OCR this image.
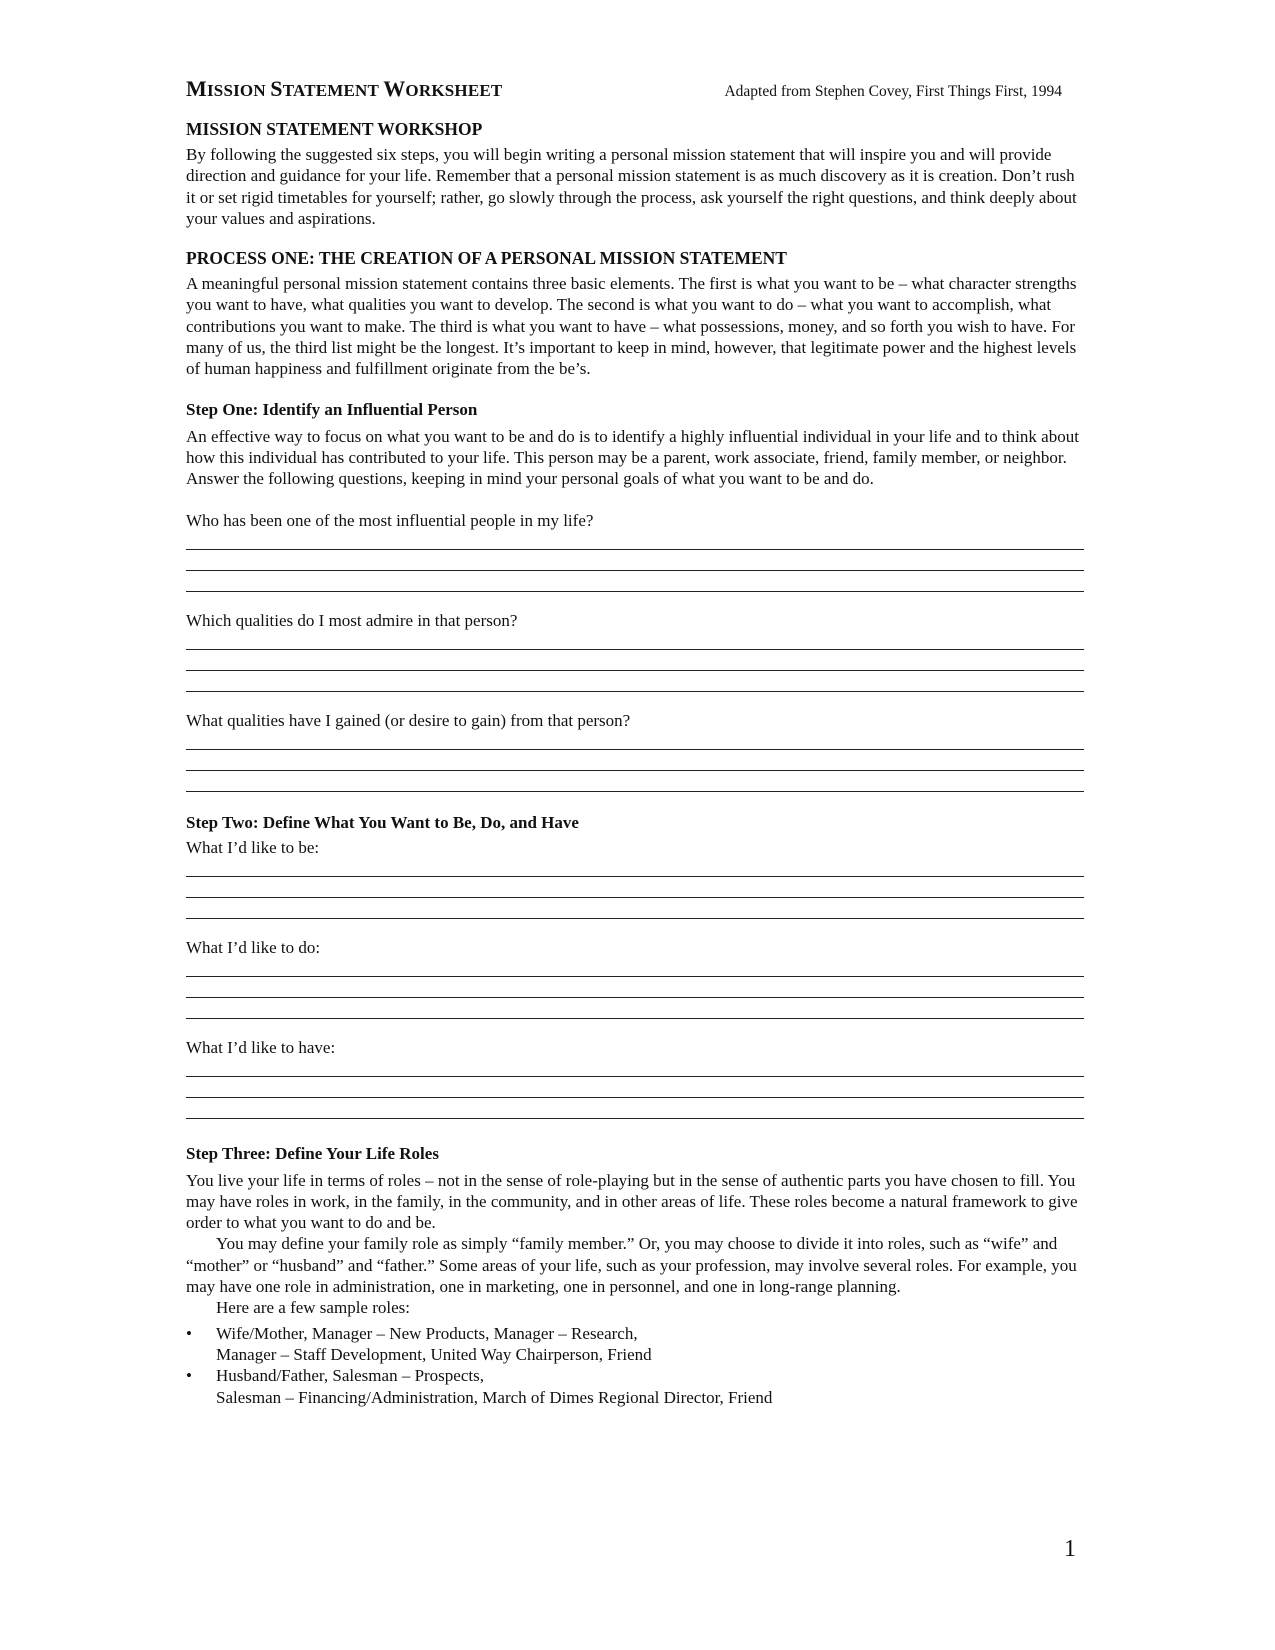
MISSION STATEMENT WORKSHEET	Adapted from Stephen Covey, First Things First, 1994
MISSION STATEMENT WORKSHOP

By following the suggested six steps, you will begin writing a personal mission statement that will inspire you and will provide direction and guidance for your life. Remember that a personal mission statement is as much discovery as it is creation. Don’t rush it or set rigid timetables for yourself; rather, go slowly through the process, ask yourself the right questions, and think deeply about your values and aspirations.

PROCESS ONE: THE CREATION OF A PERSONAL MISSION STATEMENT

A meaningful personal mission statement contains three basic elements. The first is what you want to be – what character strengths you want to have, what qualities you want to develop. The second is what you want to do – what you want to accomplish, what contributions you want to make. The third is what you want to have – what possessions, money, and so forth you wish to have. For many of us, the third list might be the longest. It’s important to keep in mind, however, that legitimate power and the highest levels of human happiness and fulfillment originate from the be’s.

Step One: Identify an Influential Person

An effective way to focus on what you want to be and do is to identify a highly influential individual in your life and to think about how this individual has contributed to your life. This person may be a parent, work associate, friend, family member, or neighbor. Answer the following questions, keeping in mind your personal goals of what you want to be and do.

Who has been one of the most influential people in my life?
Which qualities do I most admire in that person?
What qualities have I gained (or desire to gain) from that person?
Step Two: Define What You Want to Be, Do, and Have
What I’d like to be:
What I’d like to do:
What I’d like to have:
Step Three: Define Your Life Roles

You live your life in terms of roles – not in the sense of role-playing but in the sense of authentic parts you have chosen to fill. You may have roles in work, in the family, in the community, and in other areas of life. These roles become a natural framework to give order to what you want to do and be.

You may define your family role as simply “family member.” Or, you may choose to divide it into roles, such as “wife” and “mother” or “husband” and “father.” Some areas of your life, such as your profession, may involve several roles. For example, you may have one role in administration, one in marketing, one in personnel, and one in long-range planning.

Here are a few sample roles:

• Wife/Mother, Manager – New Products, Manager – Research,
Manager – Staff Development, United Way Chairperson, Friend
• Husband/Father, Salesman – Prospects,
Salesman – Financing/Administration, March of Dimes Regional Director, Friend
1
